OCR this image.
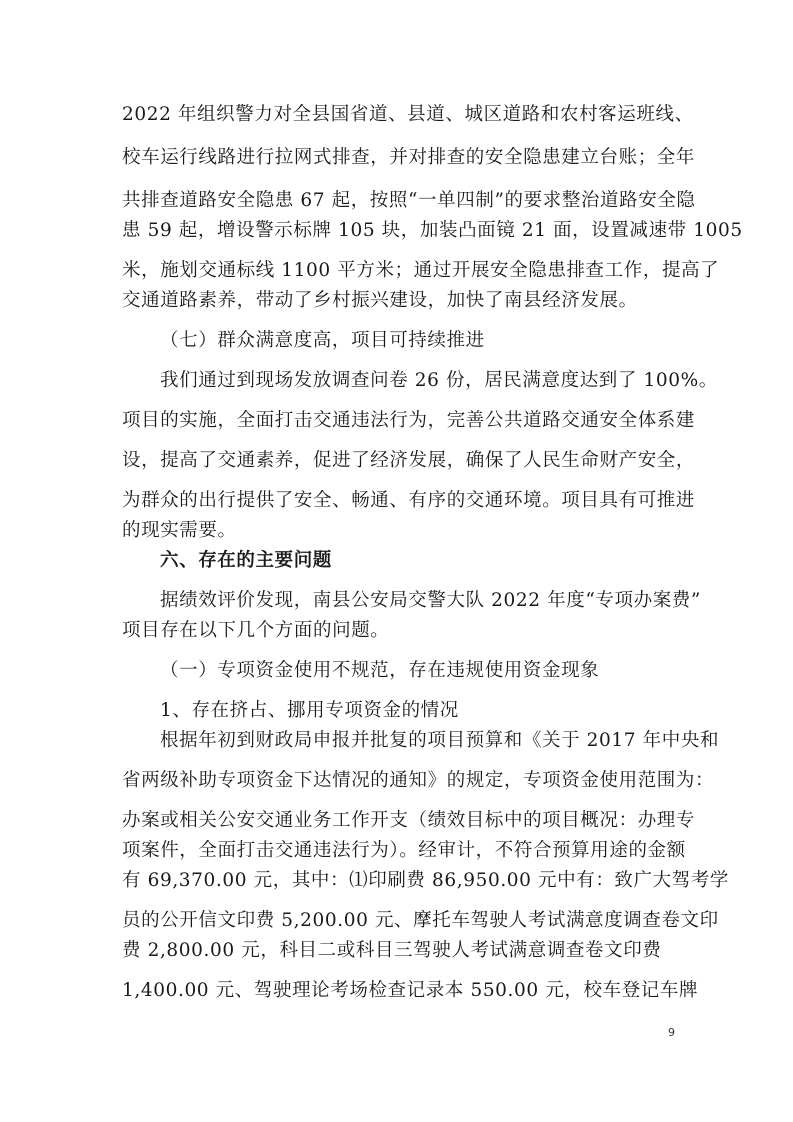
2022 年组织警力对全县国省道、县道、城区道路和农村客运班线、
校车运行线路进行拉网式排查，并对排查的安全隐患建立台账；全年
共排查道路安全隐患 67 起，按照“一单四制”的要求整治道路安全隐
患 59 起，增设警示标牌 105 块，加装凸面镜 21 面，设置减速带 1005
米，施划交通标线 1100 平方米；通过开展安全隐患排查工作，提高了
交通道路素养，带动了乡村振兴建设，加快了南县经济发展。
（七）群众满意度高，项目可持续推进
我们通过到现场发放调查问卷 26 份，居民满意度达到了 100%。
项目的实施，全面打击交通违法行为，完善公共道路交通安全体系建
设，提高了交通素养，促进了经济发展，确保了人民生命财产安全，
为群众的出行提供了安全、畅通、有序的交通环境。项目具有可推进
的现实需要。
六、存在的主要问题
据绩效评价发现，南县公安局交警大队 2022 年度“专项办案费”
项目存在以下几个方面的问题。
（一）专项资金使用不规范，存在违规使用资金现象
1、存在挤占、挪用专项资金的情况
根据年初到财政局申报并批复的项目预算和《关于 2017 年中央和
省两级补助专项资金下达情况的通知》的规定，专项资金使用范围为：
办案或相关公安交通业务工作开支（绩效目标中的项目概况：办理专
项案件，全面打击交通违法行为）。经审计，不符合预算用途的金额
有 69,370.00 元，其中：⑴印刷费 86,950.00 元中有：致广大驾考学
员的公开信文印费 5,200.00 元、摩托车驾驶人考试满意度调查卷文印
费 2,800.00 元，科目二或科目三驾驶人考试满意调查卷文印费
1,400.00 元、驾驶理论考场检查记录本 550.00 元，校车登记车牌
9
